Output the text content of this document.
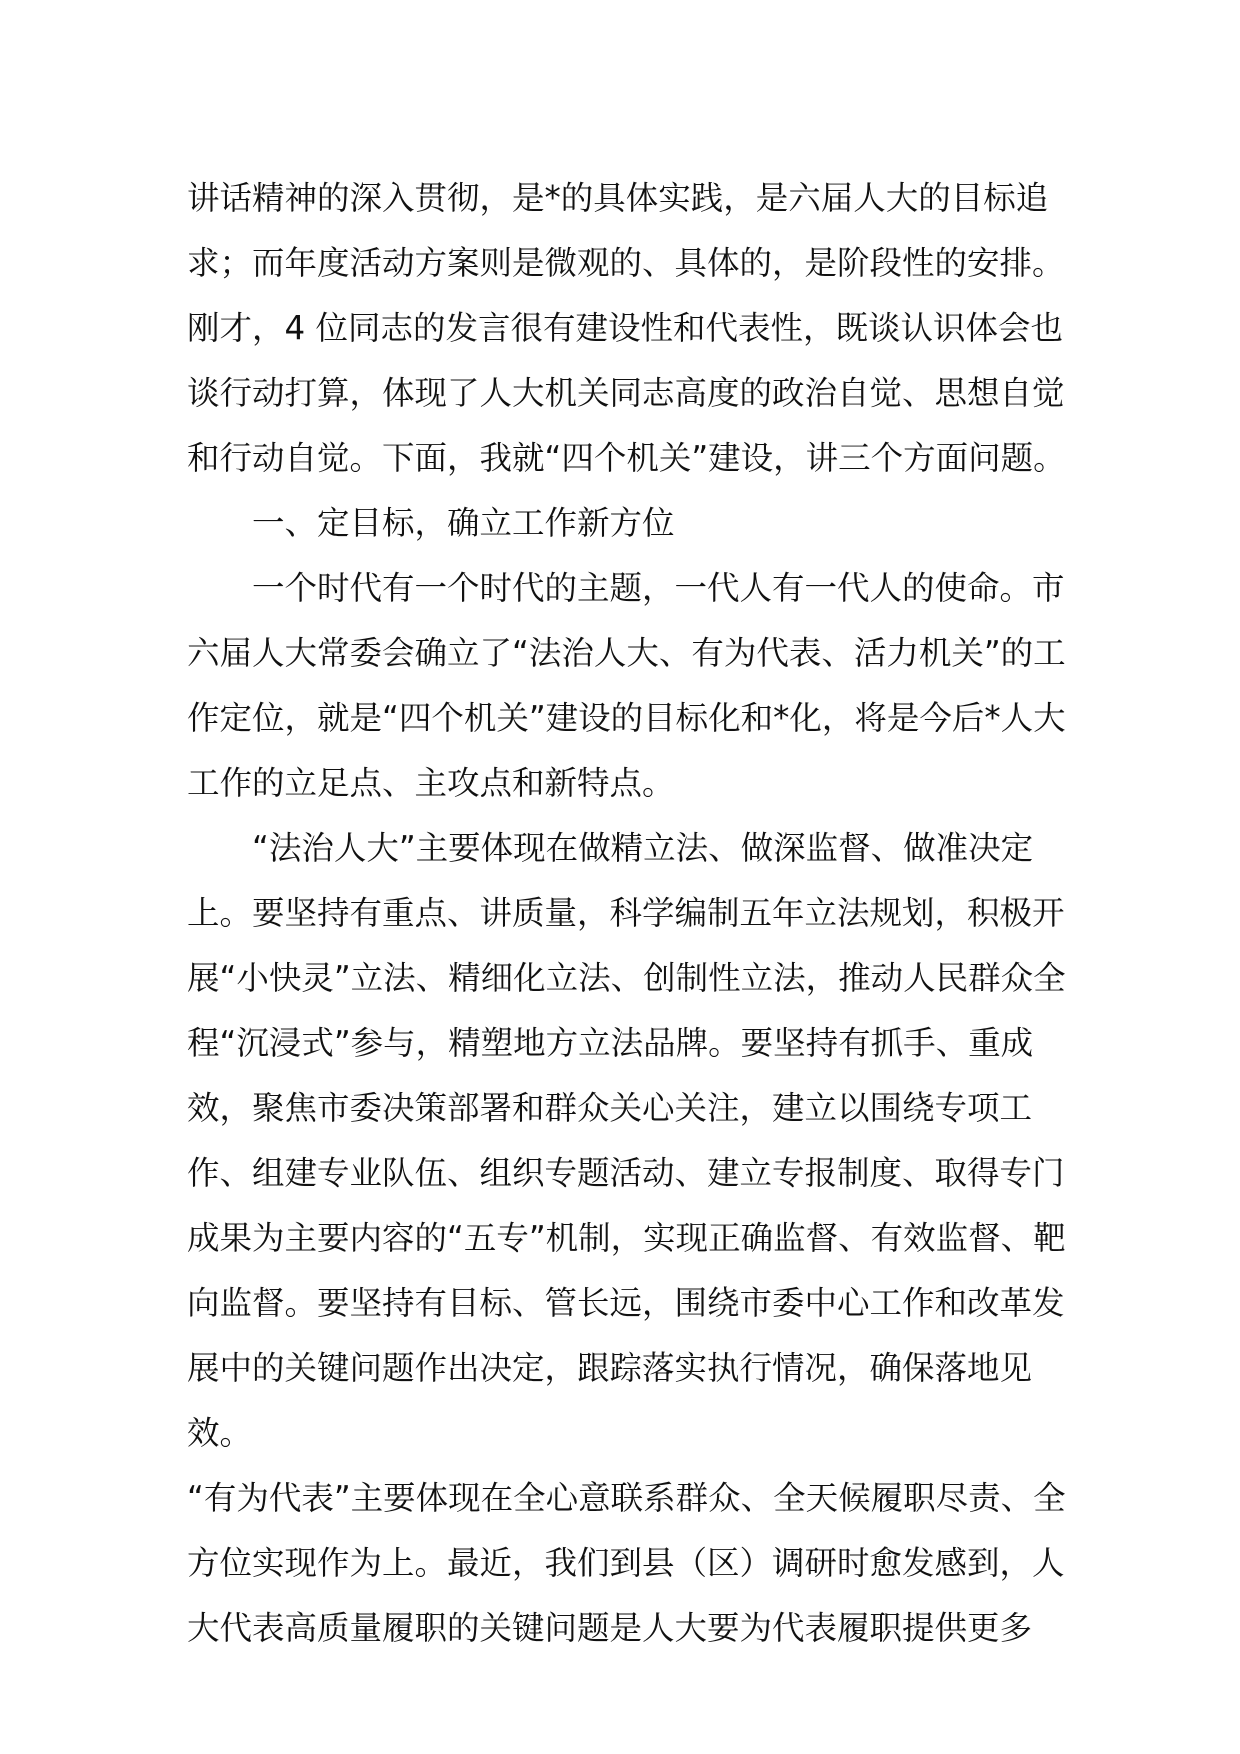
讲话精神的深入贯彻，是*的具体实践，是六届人大的目标追求；而年度活动方案则是微观的、具体的，是阶段性的安排。刚才，4 位同志的发言很有建设性和代表性，既谈认识体会也谈行动打算，体现了人大机关同志高度的政治自觉、思想自觉和行动自觉。下面，我就“四个机关”建设，讲三个方面问题。

一、定目标，确立工作新方位

一个时代有一个时代的主题，一代人有一代人的使命。市六届人大常委会确立了“法治人大、有为代表、活力机关”的工作定位，就是“四个机关”建设的目标化和*化，将是今后*人大工作的立足点、主攻点和新特点。

“法治人大”主要体现在做精立法、做深监督、做准决定上。要坚持有重点、讲质量，科学编制五年立法规划，积极开展“小快灵”立法、精细化立法、创制性立法，推动人民群众全程“沉浸式”参与，精塑地方立法品牌。要坚持有抓手、重成效，聚焦市委决策部署和群众关心关注，建立以围绕专项工作、组建专业队伍、组织专题活动、建立专报制度、取得专门成果为主要内容的“五专”机制，实现正确监督、有效监督、靶向监督。要坚持有目标、管长远，围绕市委中心工作和改革发展中的关键问题作出决定，跟踪落实执行情况，确保落地见效。

“有为代表”主要体现在全心意联系群众、全天候履职尽责、全方位实现作为上。最近，我们到县（区）调研时愈发感到，人大代表高质量履职的关键问题是人大要为代表履职提供更多
